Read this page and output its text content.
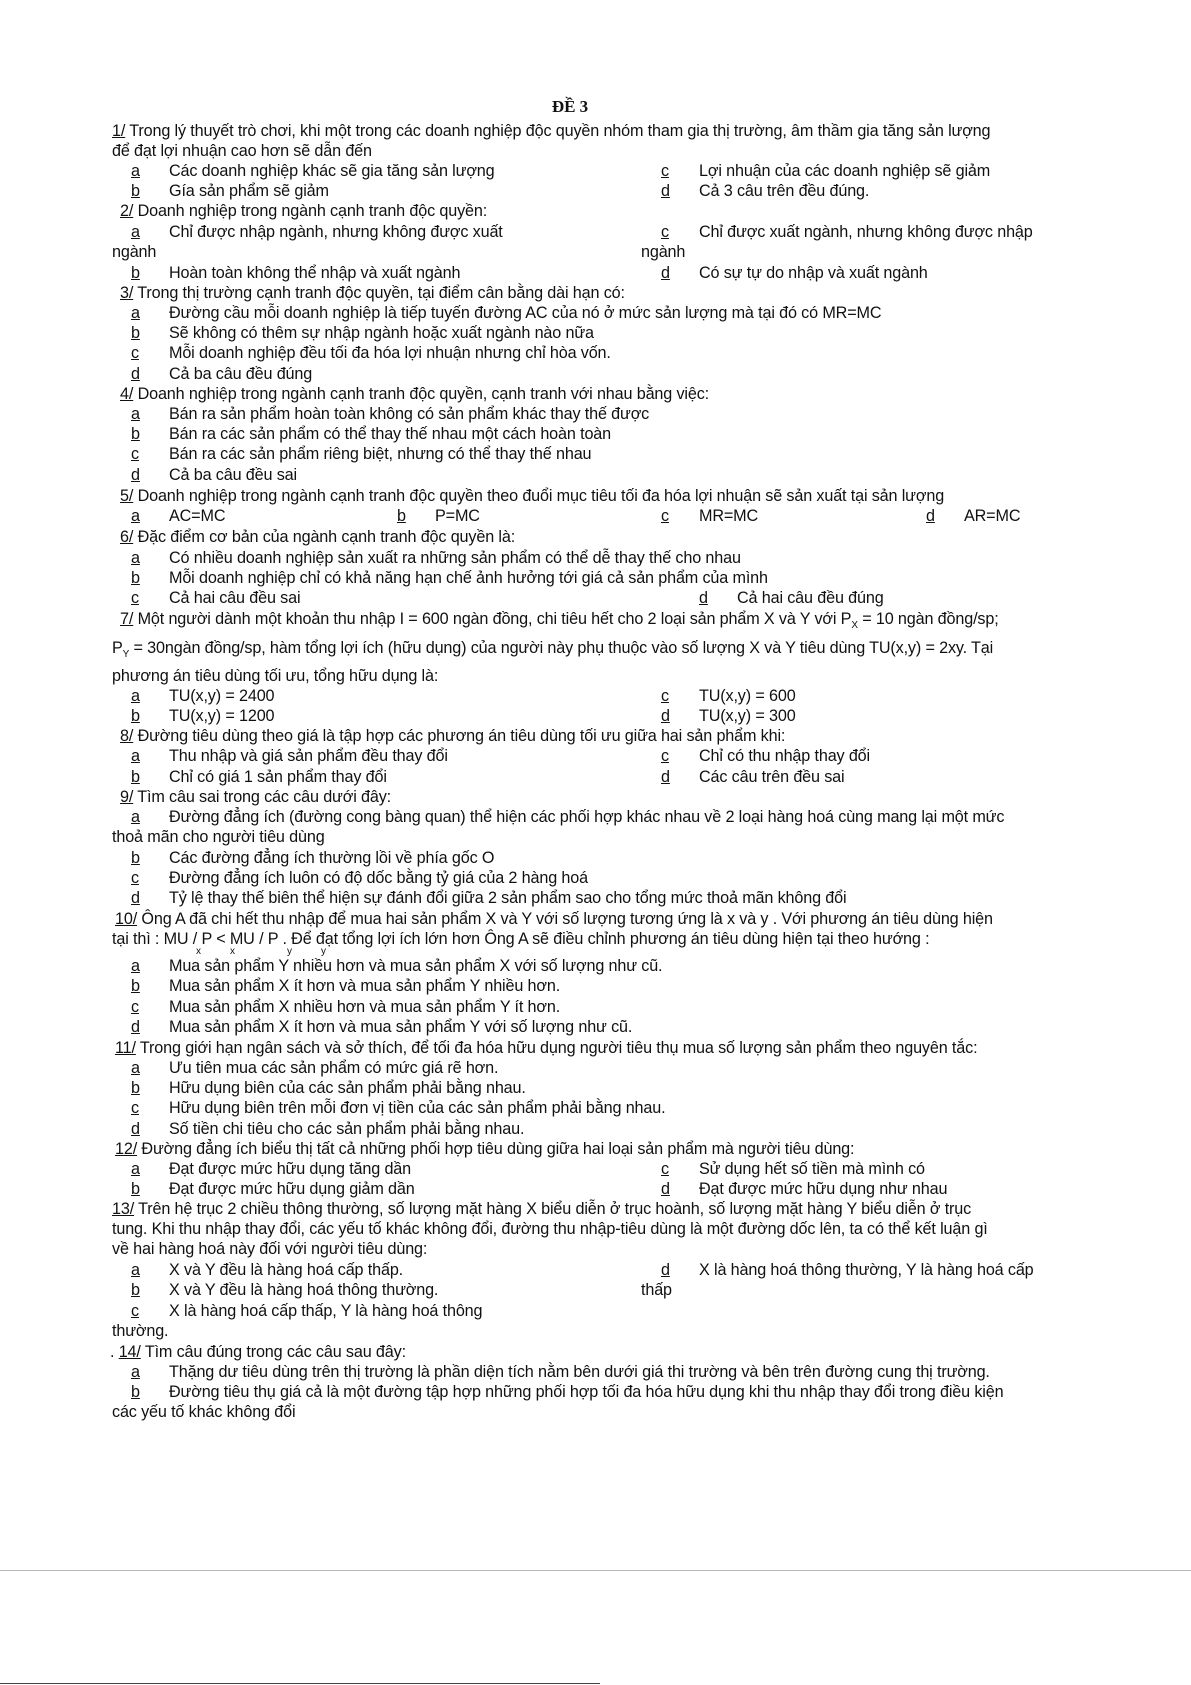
ĐỀ 3
1/ Trong lý thuyết trò chơi, khi một trong các doanh nghiệp độc quyền nhóm tham gia thị trường, âm thầm gia tăng sản lượng
để đạt lợi nhuận cao hơn sẽ dẫn đến
a Các doanh nghiệp khác sẽ gia tăng sản lượng	c Lợi nhuận của các doanh nghiệp sẽ giảm
b Gía sản phẩm sẽ giảm	d Cả 3 câu trên đều đúng.
2/ Doanh nghiệp trong ngành cạnh tranh độc quyền:
a Chỉ được nhập ngành, nhưng không được xuất	c Chỉ được xuất ngành, nhưng không được nhập
ngành	ngành
b Hoàn toàn không thể nhập và xuất ngành	d Có sự tự do nhập và xuất ngành
3/ Trong thị trường cạnh tranh độc quyền, tại điểm cân bằng dài hạn có:
a Đường cầu mỗi doanh nghiệp là tiếp tuyến đường AC của nó ở mức sản lượng mà tại đó có MR=MC
b Sẽ không có thêm sự nhập ngành hoặc xuất ngành nào nữa
c Mỗi doanh nghiệp đều tối đa hóa lợi nhuận nhưng chỉ hòa vốn.
d Cả ba câu đều đúng
4/ Doanh nghiệp trong ngành cạnh tranh độc quyền, cạnh tranh với nhau bằng việc:
a Bán ra sản phẩm hoàn toàn không có sản phẩm khác thay thế được
b Bán ra các sản phẩm có thể thay thế nhau một cách hoàn toàn
c Bán ra các sản phẩm riêng biệt, nhưng có thể thay thế nhau
d Cả ba câu đều sai
5/ Doanh nghiệp trong ngành cạnh tranh độc quyền theo đuổi mục tiêu tối đa hóa lợi nhuận sẽ sản xuất tại sản lượng
a AC=MC	b P=MC	c MR=MC	d AR=MC
6/ Đặc điểm cơ bản của ngành cạnh tranh độc quyền là:
a Có nhiều doanh nghiệp sản xuất ra những sản phẩm có thể dễ thay thế cho nhau
b Mỗi doanh nghiệp chỉ có khả năng hạn chế ảnh hưởng tới giá cả sản phẩm của mình
c Cả hai câu đều sai	d Cả hai câu đều đúng
7/ Một người dành một khoản thu nhập I = 600 ngàn đồng, chi tiêu hết cho 2 loại sản phẩm X và Y với $P_X = 10$ ngàn đồng/sp;
$P_Y$ = 30ngàn đồng/sp, hàm tổng lợi ích (hữu dụng) của người này phụ thuộc vào số lượng X và Y tiêu dùng TU(x,y) = 2xy. Tại
phương án tiêu dùng tối ưu, tổng hữu dụng là:
a TU(x,y) = 2400	c TU(x,y) = 600
b TU(x,y) = 1200	d TU(x,y) = 300
8/ Đường tiêu dùng theo giá là tập hợp các phương án tiêu dùng tối ưu giữa hai sản phẩm khi:
a Thu nhập và giá sản phẩm đều thay đổi	c Chỉ có thu nhập thay đổi
b Chỉ có giá 1 sản phẩm thay đổi	d Các câu trên đều sai
9/ Tìm câu sai trong các câu dưới đây:
a Đường đẳng ích (đường cong bàng quan) thể hiện các phối hợp khác nhau về 2 loại hàng hoá cùng mang lại một mức
thoả mãn cho người tiêu dùng
b Các đường đẳng ích thường lồi về phía gốc O
c Đường đẳng ích luôn có độ dốc bằng tỷ giá của 2 hàng hoá
d Tỷ lệ thay thế biên thể hiện sự đánh đổi giữa 2 sản phẩm sao cho tổng mức thoả mãn không đổi
10/ Ông A đã chi hết thu nhập để mua hai sản phẩm X và Y với số lượng tương ứng là x và y . Với phương án tiêu dùng hiện
tại thì : MU / P < MU / P . Để đạt tổng lợi ích lớn hơn Ông A sẽ điều chỉnh phương án tiêu dùng hiện tại theo hướng :
x	x	y	y
a Mua sản phẩm Y nhiều hơn và mua sản phẩm X với số lượng như cũ.
b Mua sản phẩm X ít hơn và mua sản phẩm Y nhiều hơn.
c Mua sản phẩm X nhiều hơn và mua sản phẩm Y ít hơn.
d Mua sản phẩm X ít hơn và mua sản phẩm Y với số lượng như cũ.
11/ Trong giới hạn ngân sách và sở thích, để tối đa hóa hữu dụng người tiêu thụ mua số lượng sản phẩm theo nguyên tắc:
a Ưu tiên mua các sản phẩm có mức giá rẽ hơn.
b Hữu dụng biên của các sản phẩm phải bằng nhau.
c Hữu dụng biên trên mỗi đơn vị tiền của các sản phẩm phải bằng nhau.
d Số tiền chi tiêu cho các sản phẩm phải bằng nhau.
12/ Đường đẳng ích biểu thị tất cả những phối hợp tiêu dùng giữa hai loại sản phẩm mà người tiêu dùng:
a Đạt được mức hữu dụng tăng dần	c Sử dụng hết số tiền mà mình có
b Đạt được mức hữu dụng giảm dần	d Đạt được mức hữu dụng như nhau
13/ Trên hệ trục 2 chiều thông thường, số lượng mặt hàng X biểu diễn ở trục hoành, số lượng mặt hàng Y biểu diễn ở trục
tung. Khi thu nhập thay đổi, các yếu tố khác không đổi, đường thu nhập-tiêu dùng là một đường dốc lên, ta có thể kết luận gì
về hai hàng hoá này đối với người tiêu dùng:
a X và Y đều là hàng hoá cấp thấp.	d X là hàng hoá thông thường, Y là hàng hoá cấp
b X và Y đều là hàng hoá thông thường.	thấp
c X là hàng hoá cấp thấp, Y là hàng hoá thông
thường.
. 14/ Tìm câu đúng trong các câu sau đây:
a Thặng dư tiêu dùng trên thị trường là phần diện tích nằm bên dưới giá thi trường và bên trên đường cung thị trường.
b Đường tiêu thụ giá cả là một đường tập hợp những phối hợp tối đa hóa hữu dụng khi thu nhập thay đổi trong điều kiện
các yếu tố khác không đổi
